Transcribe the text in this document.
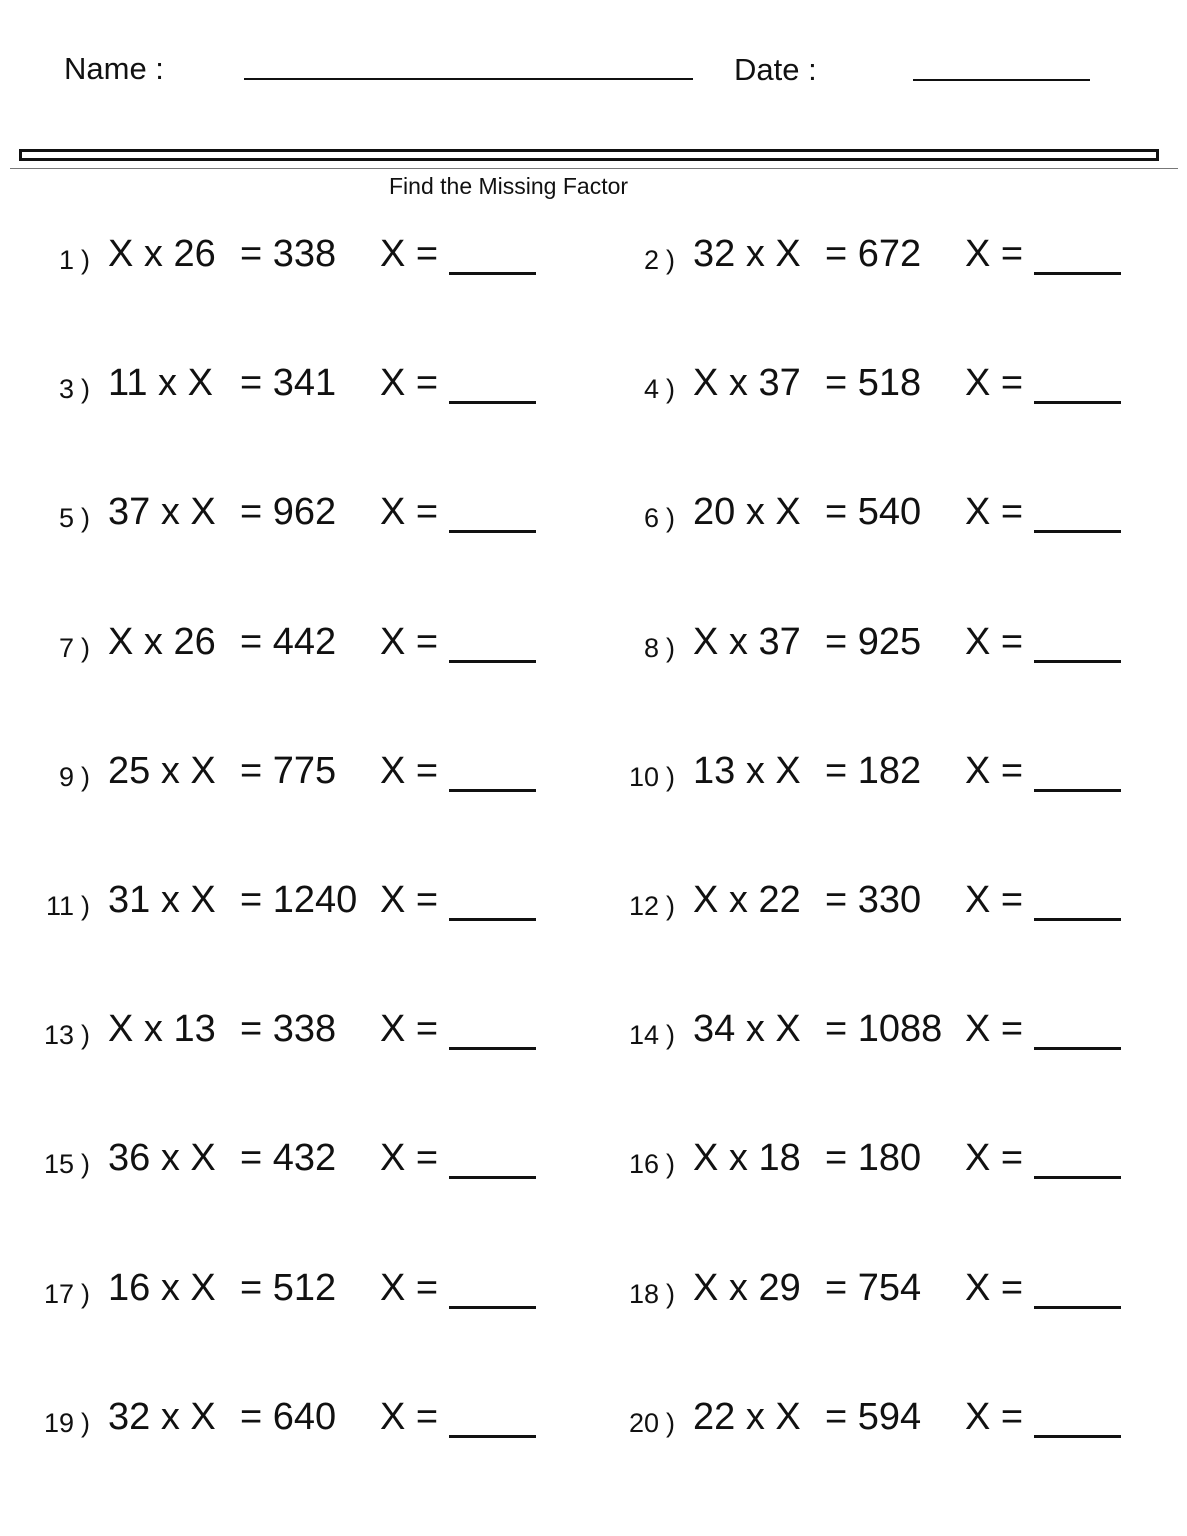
Name :	Date :
Find the Missing Factor
1 ) X x 26 = 338 X =	2 ) 32 x X = 672 X =
3 ) 11 x X = 341 X =	4 ) X x 37 = 518 X =
5 ) 37 x X = 962 X =	6 ) 20 x X = 540 X =
7 ) X x 26 = 442 X =	8 ) X x 37 = 925 X =
9 ) 25 x X = 775 X =	10 ) 13 x X = 182 X =
11 ) 31 x X = 1240 X =	12 ) X x 22 = 330 X =
13 ) X x 13 = 338 X =	14 ) 34 x X = 1088 X =
15 ) 36 x X = 432 X =	16 ) X x 18 = 180 X =
17 ) 16 x X = 512 X =	18 ) X x 29 = 754 X =
19 ) 32 x X = 640 X =	20 ) 22 x X = 594 X =
